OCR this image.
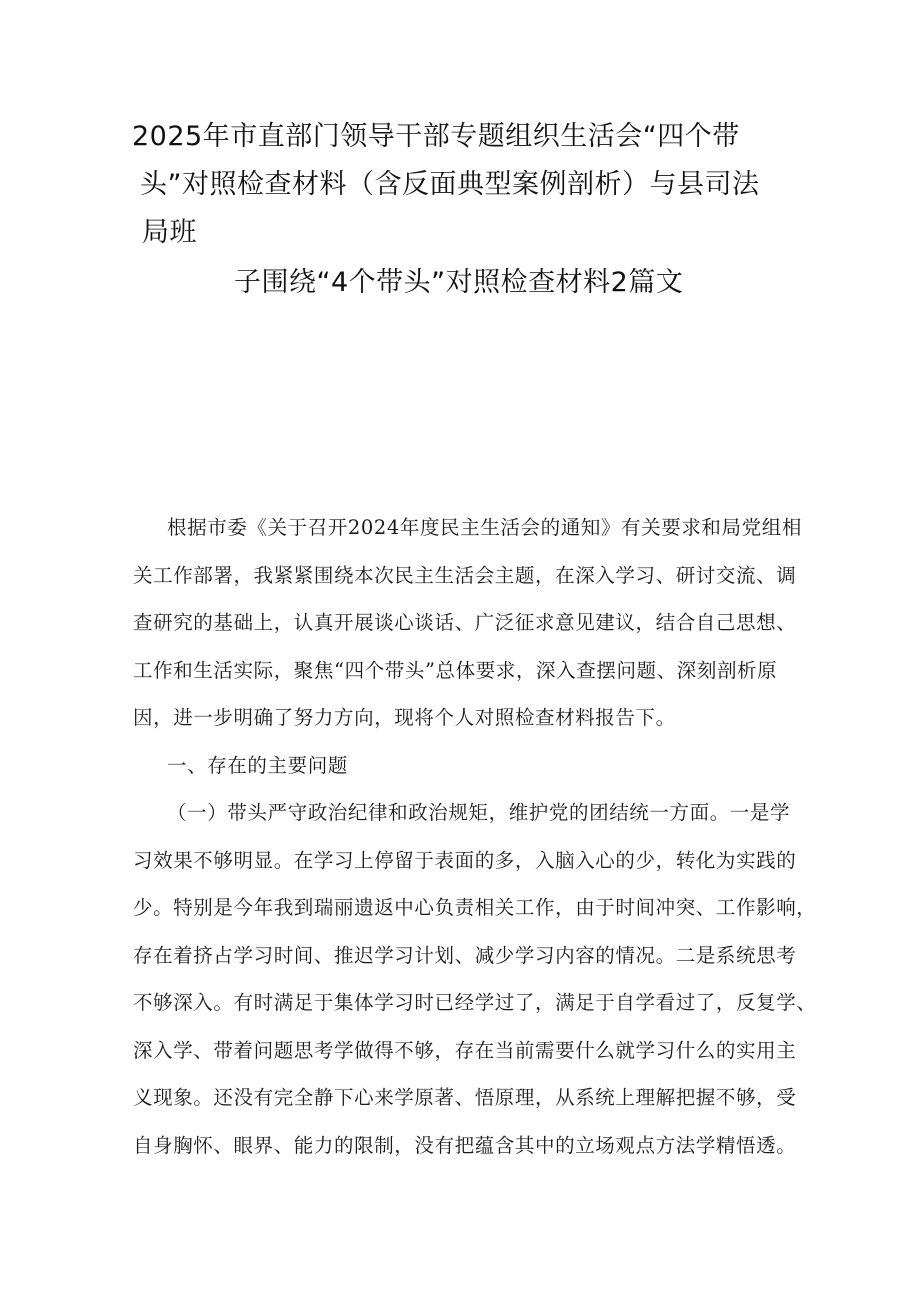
2025年市直部门领导干部专题组织生活会“四个带
头”对照检查材料（含反面典型案例剖析）与县司法
局班
子围绕“4个带头”对照检查材料2篇文

根据市委《关于召开2024年度民主生活会的通知》有关要求和局党组相

关工作部署，我紧紧围绕本次民主生活会主题，在深入学习、研讨交流、调

查研究的基础上，认真开展谈心谈话、广泛征求意见建议，结合自己思想、

工作和生活实际，聚焦“四个带头”总体要求，深入查摆问题、深刻剖析原

因，进一步明确了努力方向，现将个人对照检查材料报告下。

一、存在的主要问题

（一）带头严守政治纪律和政治规矩，维护党的团结统一方面。一是学

习效果不够明显。在学习上停留于表面的多，入脑入心的少，转化为实践的

少。特别是今年我到瑞丽遗返中心负责相关工作，由于时间冲突、工作影响，

存在着挤占学习时间、推迟学习计划、减少学习内容的情况。二是系统思考

不够深入。有时满足于集体学习时已经学过了，满足于自学看过了，反复学、

深入学、带着问题思考学做得不够，存在当前需要什么就学习什么的实用主

义现象。还没有完全静下心来学原著、悟原理，从系统上理解把握不够，受

自身胸怀、眼界、能力的限制，没有把蕴含其中的立场观点方法学精悟透。
